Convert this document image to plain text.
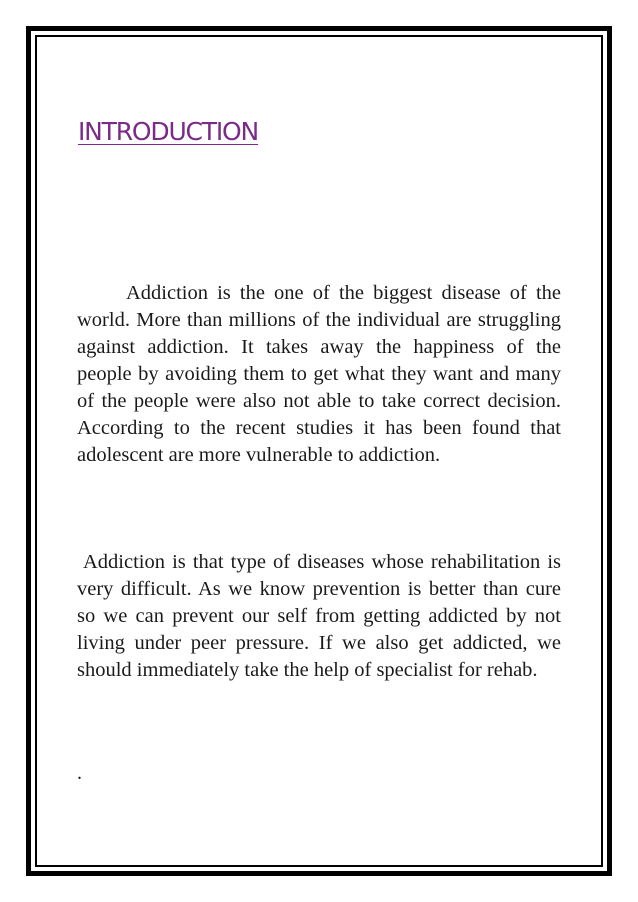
INTRODUCTION

Addiction is the one of the biggest disease of the world. More than millions of the individual are struggling against addiction. It takes away the happiness of the people by avoiding them to get what they want and many of the people were also not able to take correct decision. According to the recent studies it has been found that adolescent are more vulnerable to addiction.

Addiction is that type of diseases whose rehabilitation is very difficult. As we know prevention is better than cure so we can prevent our self from getting addicted by not living under peer pressure. If we also get addicted, we should immediately take the help of specialist for rehab.

.
